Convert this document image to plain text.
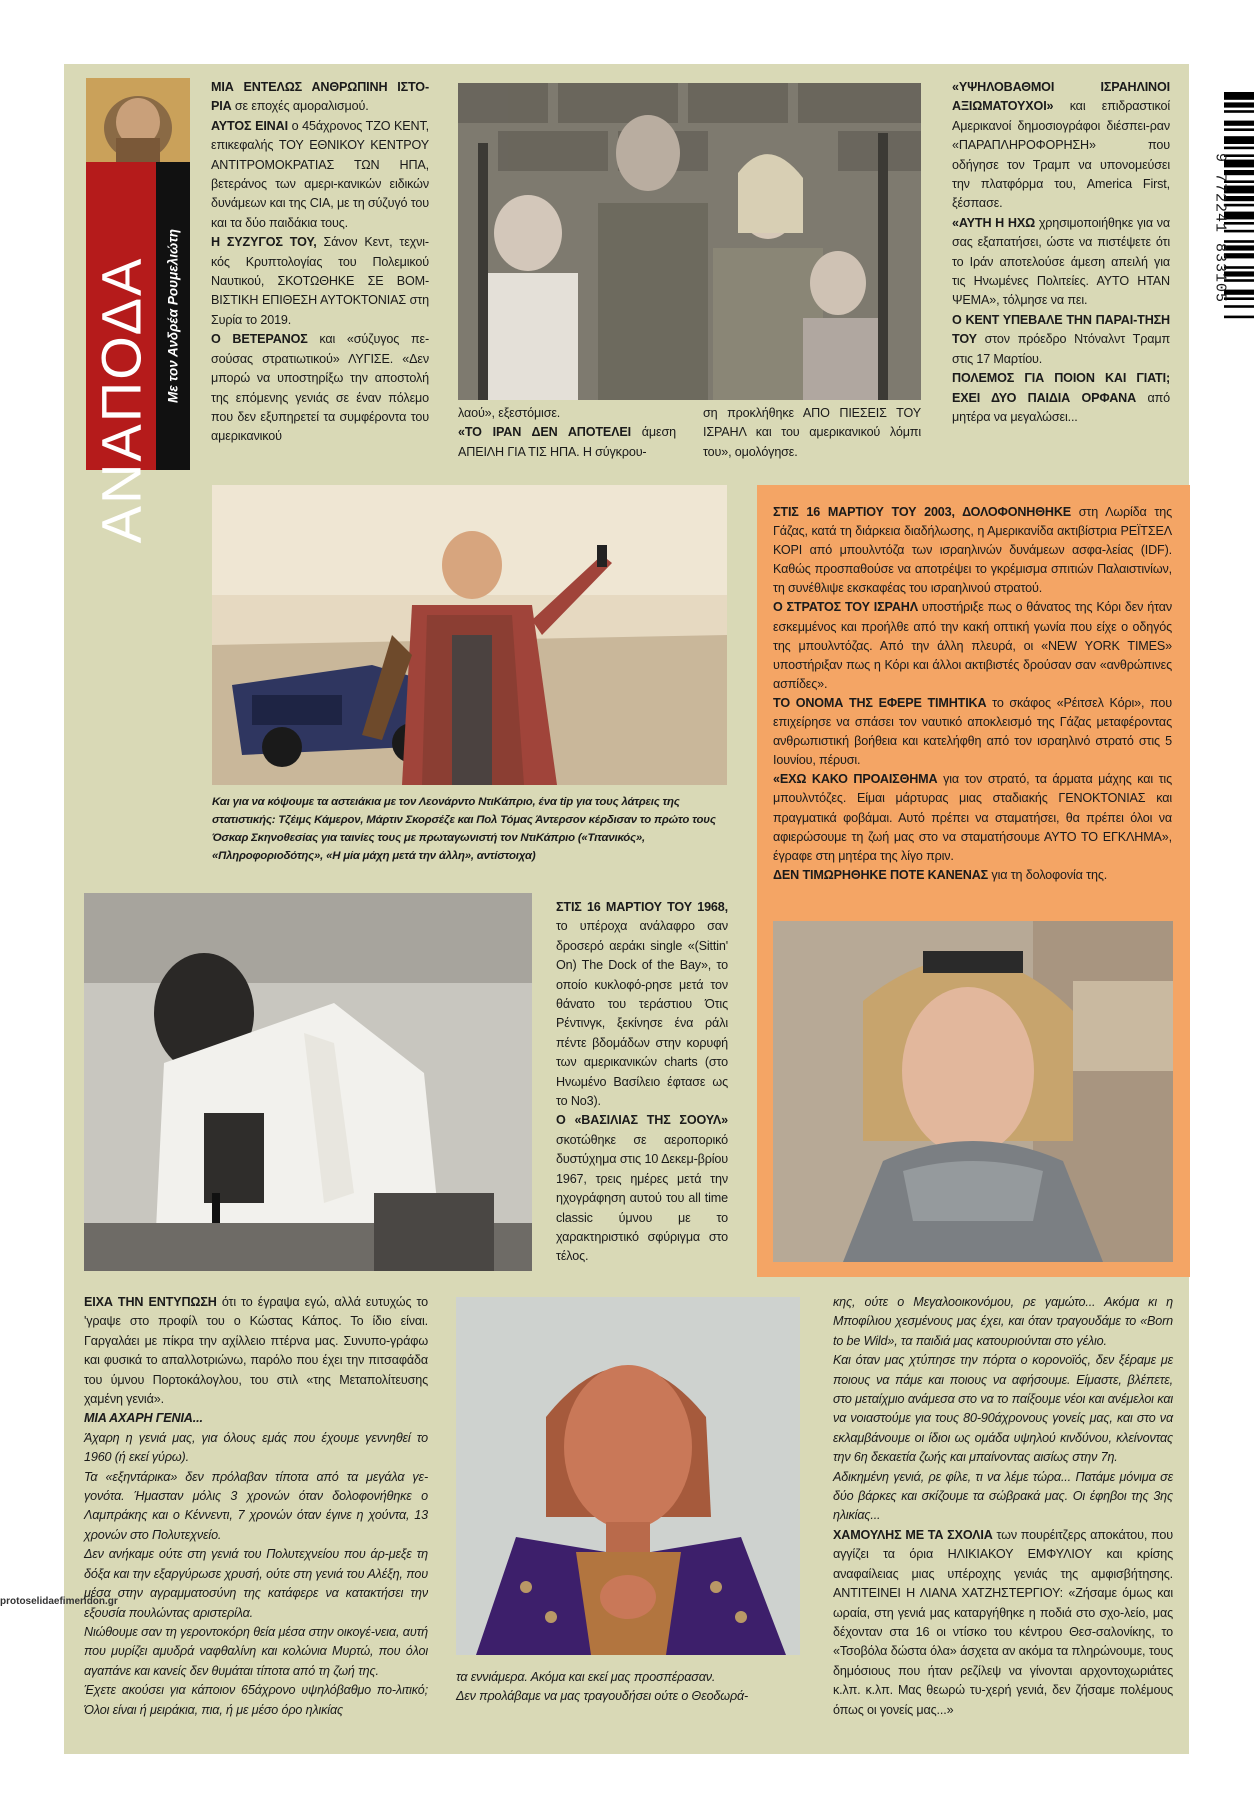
ΑΝΑΠΟΔΑ Με τον Ανδρέα Ρουμελιώτη
9 772241 833105

ΜΙΑ ΕΝΤΕΛΩΣ ΑΝΘΡΩΠΙΝΗ ΙΣΤΟ-ΡΙΑ σε εποχές αμοραλισμού.

ΑΥΤΟΣ ΕΙΝΑΙ ο 45άχρονος ΤΖΟ ΚΕΝΤ, επικεφαλής ΤΟΥ ΕΘΝΙΚΟΥ ΚΕΝΤΡΟΥ ΑΝΤΙΤΡΟΜΟΚΡΑΤΙΑΣ ΤΩΝ ΗΠΑ, βετεράνος των αμερι-κανικών ειδικών δυνάμεων και της CIA, με τη σύζυγό του και τα δύο παιδάκια τους.

Η ΣΥΖΥΓΟΣ ΤΟΥ, Σάνον Κεντ, τεχνι-κός Κρυπτολογίας του Πολεμικού Ναυτικού, ΣΚΟΤΩΘΗΚΕ ΣΕ ΒΟΜ-ΒΙΣΤΙΚΗ ΕΠΙΘΕΣΗ ΑΥΤΟΚΤΟΝΙΑΣ στη Συρία το 2019.

Ο ΒΕΤΕΡΑΝΟΣ και «σύζυγος πε-σούσας στρατιωτικού» ΛΥΓΙΣΕ. «Δεν μπορώ να υποστηρίξω την αποστολή της επόμενης γενιάς σε έναν πόλεμο που δεν εξυπηρετεί τα συμφέροντα του αμερικανικού

λαού», εξεστόμισε.

«ΤΟ ΙΡΑΝ ΔΕΝ ΑΠΟΤΕΛΕΙ άμεση ΑΠΕΙΛΗ ΓΙΑ ΤΙΣ ΗΠΑ. Η σύγκρου-

ση προκλήθηκε ΑΠΟ ΠΙΕΣΕΙΣ ΤΟΥ ΙΣΡΑΗΛ και του αμερικανικού λόμπι του», ομολόγησε.

«ΥΨΗΛΟΒΑΘΜΟΙ ΙΣΡΑΗΛΙΝΟΙ ΑΞΙΩΜΑΤΟΥΧΟΙ» και επιδραστικοί Αμερικανοί δημοσιογράφοι διέσπει-ραν «ΠΑΡΑΠΛΗΡΟΦΟΡΗΣΗ» που οδήγησε τον Τραμπ να υπονομεύσει την πλατφόρμα του, America First, ξέσπασε.

«ΑΥΤΗ Η ΗΧΩ χρησιμοποιήθηκε για να σας εξαπατήσει, ώστε να πιστέψετε ότι το Ιράν αποτελούσε άμεση απειλή για τις Ηνωμένες Πολιτείες. ΑΥΤΟ ΗΤΑΝ ΨΕΜΑ», τόλμησε να πει.

Ο ΚΕΝΤ ΥΠΕΒΑΛΕ ΤΗΝ ΠΑΡΑΙ-ΤΗΣΗ ΤΟΥ στον πρόεδρο Ντόναλντ Τραμπ στις 17 Μαρτίου.

ΠΟΛΕΜΟΣ ΓΙΑ ΠΟΙΟΝ ΚΑΙ ΓΙΑΤΙ; ΕΧΕΙ ΔΥΟ ΠΑΙΔΙΑ ΟΡΦΑΝΑ από μητέρα να μεγαλώσει...

Και για να κόψουμε τα αστειάκια με τον Λεονάρντο ΝτιΚάπριο, ένα tip για τους λάτρεις της στατιστικής: Τζέιμς Κάμερον, Μάρτιν Σκορσέζε και Πολ Τόμας Άντερσον κέρδισαν το πρώτο τους Όσκαρ Σκηνοθεσίας για ταινίες τους με πρωταγωνιστή τον ΝτιΚάπριο («Τιτανικός», «Πληροφοριοδότης», «Η μία μάχη μετά την άλλη», αντίστοιχα)

ΣΤΙΣ 16 ΜΑΡΤΙΟΥ ΤΟΥ 1968, το υπέροχα ανάλαφρο σαν δροσερό αεράκι single «(Sittin' On) The Dock of the Bay», το οποίο κυκλοφό-ρησε μετά τον θάνατο του τεράστιου Ότις Ρέντινγκ, ξεκίνησε ένα ράλι πέντε βδομάδων στην κορυφή των αμερικανικών charts (στο Ηνωμένο Βασίλειο έφτασε ως το Νο3).

Ο «ΒΑΣΙΛΙΑΣ ΤΗΣ ΣΟΟΥΛ» σκοτώθηκε σε αεροπορικό δυστύχημα στις 10 Δεκεμ-βρίου 1967, τρεις ημέρες μετά την ηχογράφηση αυτού του all time classic ύμνου με το χαρακτηριστικό σφύριγμα στο τέλος.

ΣΤΙΣ 16 ΜΑΡΤΙΟΥ ΤΟΥ 2003, ΔΟΛΟΦΟΝΗΘΗΚΕ στη Λωρίδα της Γάζας, κατά τη διάρκεια διαδήλωσης, η Αμερικανίδα ακτιβίστρια ΡΕΪΤΣΕΛ ΚΟΡΙ από μπουλντόζα των ισραηλινών δυνάμεων ασφα-λείας (IDF). Καθώς προσπαθούσε να αποτρέψει το γκρέμισμα σπιτιών Παλαιστινίων, τη συνέθλιψε εκσκαφέας του ισραηλινού στρατού.

Ο ΣΤΡΑΤΟΣ ΤΟΥ ΙΣΡΑΗΛ υποστήριξε πως ο θάνατος της Κόρι δεν ήταν εσκεμμένος και προήλθε από την κακή οπτική γωνία που είχε ο οδηγός της μπουλντόζας. Από την άλλη πλευρά, οι «NEW YORK TIMES» υποστήριξαν πως η Κόρι και άλλοι ακτιβιστές δρούσαν σαν «ανθρώπινες ασπίδες».

ΤΟ ΟΝΟΜΑ ΤΗΣ ΕΦΕΡΕ ΤΙΜΗΤΙΚΑ το σκάφος «Ρέιτσελ Κόρι», που επιχείρησε να σπάσει τον ναυτικό αποκλεισμό της Γάζας μεταφέροντας ανθρωπιστική βοήθεια και κατελήφθη από τον ισραηλινό στρατό στις 5 Ιουνίου, πέρυσι.

«ΕΧΩ ΚΑΚΟ ΠΡΟΑΙΣΘΗΜΑ για τον στρατό, τα άρματα μάχης και τις μπουλντόζες. Είμαι μάρτυρας μιας σταδιακής ΓΕΝΟΚΤΟΝΙΑΣ και πραγματικά φοβάμαι. Αυτό πρέπει να σταματήσει, θα πρέπει όλοι να αφιερώσουμε τη ζωή μας στο να σταματήσουμε ΑΥΤΟ ΤΟ ΕΓΚΛΗΜΑ», έγραφε στη μητέρα της λίγο πριν.

ΔΕΝ ΤΙΜΩΡΗΘΗΚΕ ΠΟΤΕ ΚΑΝΕΝΑΣ για τη δολοφονία της.

ΕΙΧΑ ΤΗΝ ΕΝΤΥΠΩΣΗ ότι το έγραψα εγώ, αλλά ευτυχώς το 'γραψε στο προφίλ του ο Κώστας Κάπος. Το ίδιο είναι. Γαργαλάει με πίκρα την αχίλλειο πτέρνα μας. Συνυπο-γράφω και φυσικά το απαλλοτριώνω, παρόλο που έχει την πιτσαφάδα του ύμνου Πορτοκάλογλου, του στιλ «της Μεταπολίτευσης χαμένη γενιά».

ΜΙΑ ΑΧΑΡΗ ΓΕΝΙΑ...

Άχαρη η γενιά μας, για όλους εμάς που έχουμε γεννηθεί το 1960 (ή εκεί γύρω).

Τα «εξηντάρικα» δεν πρόλαβαν τίποτα από τα μεγάλα γε-γονότα. Ήμασταν μόλις 3 χρονών όταν δολοφονήθηκε ο Λαμπράκης και ο Κέννεντι, 7 χρονών όταν έγινε η χούντα, 13 χρονών στο Πολυτεχνείο.

Δεν ανήκαμε ούτε στη γενιά του Πολυτεχνείου που άρ-μεξε τη δόξα και την εξαργύρωσε χρυσή, ούτε στη γενιά του Αλέξη, που μέσα στην αγραμματοσύνη της κατάφερε να κατακτήσει την εξουσία πουλώντας αριστερίλα.

Νιώθουμε σαν τη γεροντοκόρη θεία μέσα στην οικογέ-νεια, αυτή που μυρίζει αμυδρά ναφθαλίνη και κολώνια Μυρτώ, που όλοι αγαπάνε και κανείς δεν θυμάται τίποτα από τη ζωή της.

Έχετε ακούσει για κάποιον 65άχρονο υψηλόβαθμο πο-λιτικό; Όλοι είναι ή μειράκια, πια, ή με μέσο όρο ηλικίας

τα εννιάμερα. Ακόμα και εκεί μας προσπέρασαν.

Δεν προλάβαμε να μας τραγουδήσει ούτε ο Θεοδωρά-

κης, ούτε ο Μεγαλοοικονόμου, ρε γαμώτο... Ακόμα κι η Μποφίλιου χεσμένους μας έχει, και όταν τραγουδάμε το «Born to be Wild», τα παιδιά μας κατουριούνται στο γέλιο.

Και όταν μας χτύπησε την πόρτα ο κορονοϊός, δεν ξέραμε με ποιους να πάμε και ποιους να αφήσουμε. Είμαστε, βλέπετε, στο μεταίχμιο ανάμεσα στο να το παίξουμε νέοι και ανέμελοι και να νοιαστούμε για τους 80-90άχρονους γονείς μας, και στο να εκλαμβάνουμε οι ίδιοι ως ομάδα υψηλού κινδύνου, κλείνοντας την 6η δεκαετία ζωής και μπαίνοντας αισίως στην 7η.

Αδικημένη γενιά, ρε φίλε, τι να λέμε τώρα... Πατάμε μόνιμα σε δύο βάρκες και σκίζουμε τα σώβρακά μας. Οι έφηβοι της 3ης ηλικίας...

ΧΑΜΟΥΛΗΣ ΜΕ ΤΑ ΣΧΟΛΙΑ των πουρέιτζερς αποκάτου, που αγγίζει τα όρια ΗΛΙΚΙΑΚΟΥ ΕΜΦΥΛΙΟΥ και κρίσης αναφαίλειας μιας υπέροχης γενιάς της αμφισβήτησης. ΑΝΤΙΤΕΙΝΕΙ Η ΛΙΑΝΑ ΧΑΤΖΗΣΤΕΡΓΙΟΥ: «Ζήσαμε όμως και ωραία, στη γενιά μας καταργήθηκε η ποδιά στο σχο-λείο, μας δέχονταν στα 16 οι ντίσκο του κέντρου Θεσ-σαλονίκης, το «Τσοβόλα δώστα όλα» άσχετα αν ακόμα τα πληρώνουμε, τους δημόσιους που ήταν ρεζίλεψ να γίνονται αρχοντοχωριάτες κ.λπ. κ.λπ. Μας θεωρώ τυ-χερή γενιά, δεν ζήσαμε πολέμους όπως οι γονείς μας...»

protoselidaefimeridon.gr
